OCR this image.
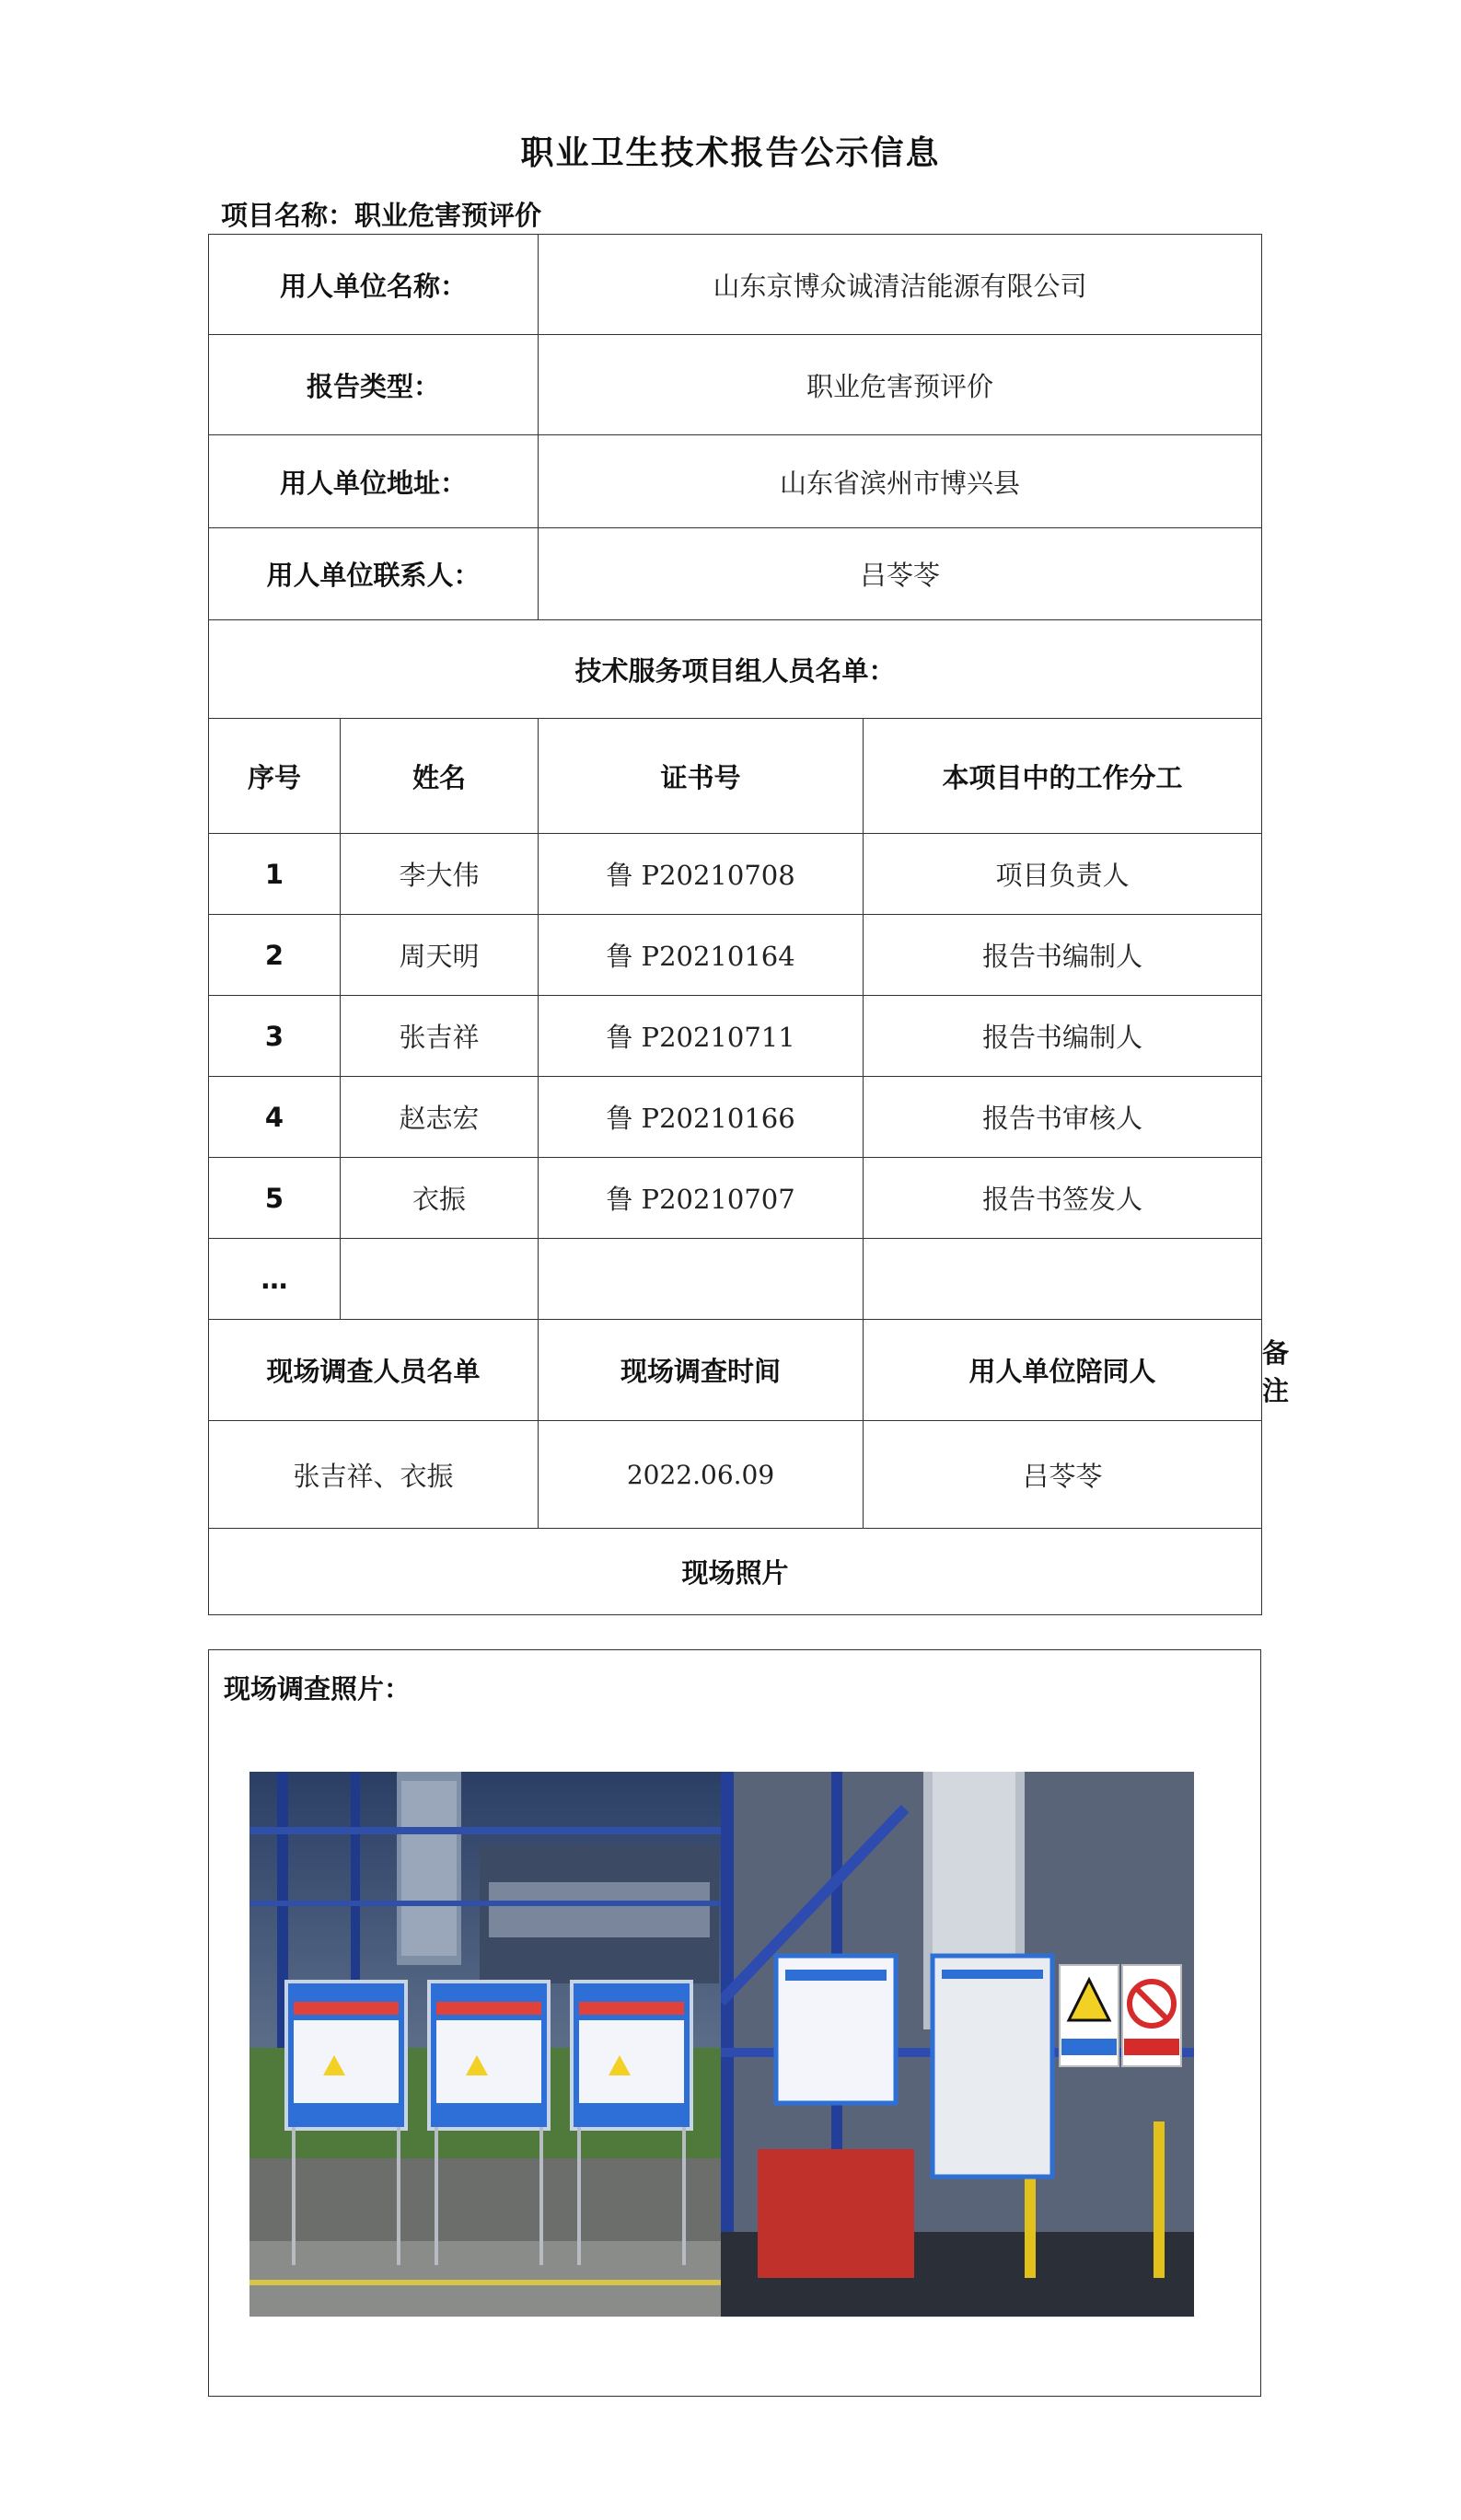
职业卫生技术报告公示信息
项目名称：职业危害预评价
用人单位名称：		山东京博众诚清洁能源有限公司		
报告类型：		职业危害预评价		
用人单位地址：		山东省滨州市博兴县		
用人单位联系人：		吕苓苓		
技术服务项目组人员名单：				
序号	姓名	证书号	本项目中的工作分工	
1	李大伟	鲁 P20210708	项目负责人	
2	周天明	鲁 P20210164	报告书编制人	
3	张吉祥	鲁 P20210711	报告书编制人	
4	赵志宏	鲁 P20210166	报告书审核人	
5	衣振	鲁 P20210707	报告书签发人	
…				
现场调查人员名单		现场调查时间	用人单位陪同人	备注
张吉祥、衣振		2022.06.09	吕苓苓	
现场照片				
现场调查照片：
